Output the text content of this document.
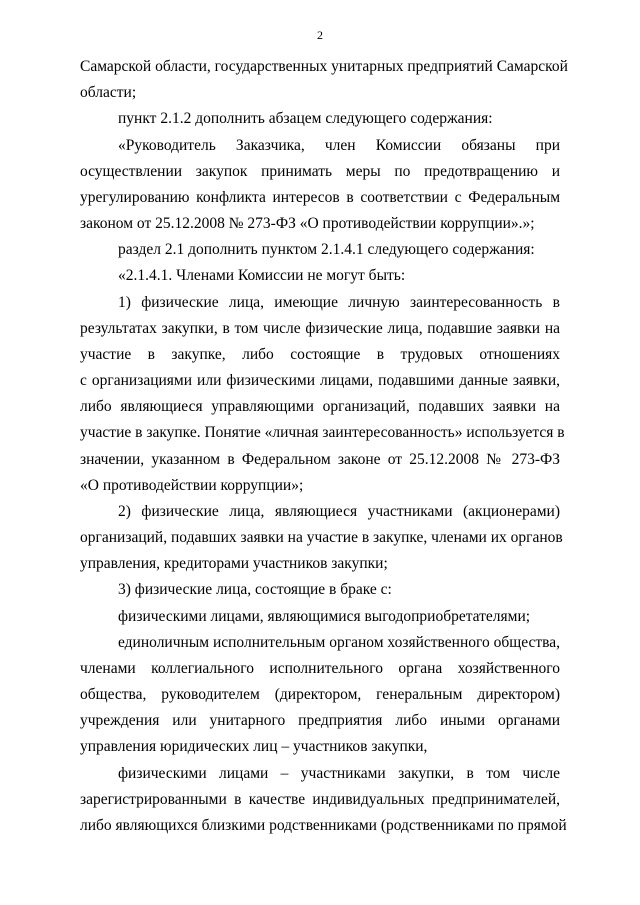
2
Самарской области, государственных унитарных предприятий Самарской
области;
пункт 2.1.2 дополнить абзацем следующего содержания:
«Руководитель Заказчика, член Комиссии обязаны при
осуществлении закупок принимать меры по предотвращению и
урегулированию конфликта интересов в соответствии с Федеральным
законом от 25.12.2008 № 273-ФЗ «О противодействии коррупции».»;
раздел 2.1 дополнить пунктом 2.1.4.1 следующего содержания:
«2.1.4.1. Членами Комиссии не могут быть:
1) физические лица, имеющие личную заинтересованность в
результатах закупки, в том числе физические лица, подавшие заявки на
участие в закупке, либо состоящие в трудовых отношениях
с организациями или физическими лицами, подавшими данные заявки,
либо являющиеся управляющими организаций, подавших заявки на
участие в закупке. Понятие «личная заинтересованность» используется в
значении, указанном в Федеральном законе от 25.12.2008 № 273-ФЗ
«О противодействии коррупции»;
2) физические лица, являющиеся участниками (акционерами)
организаций, подавших заявки на участие в закупке, членами их органов
управления, кредиторами участников закупки;
3) физические лица, состоящие в браке с:
физическими лицами, являющимися выгодоприобретателями;
единоличным исполнительным органом хозяйственного общества,
членами коллегиального исполнительного органа хозяйственного
общества, руководителем (директором, генеральным директором)
учреждения или унитарного предприятия либо иными органами
управления юридических лиц – участников закупки,
физическими лицами – участниками закупки, в том числе
зарегистрированными в качестве индивидуальных предпринимателей,
либо являющихся близкими родственниками (родственниками по прямой
